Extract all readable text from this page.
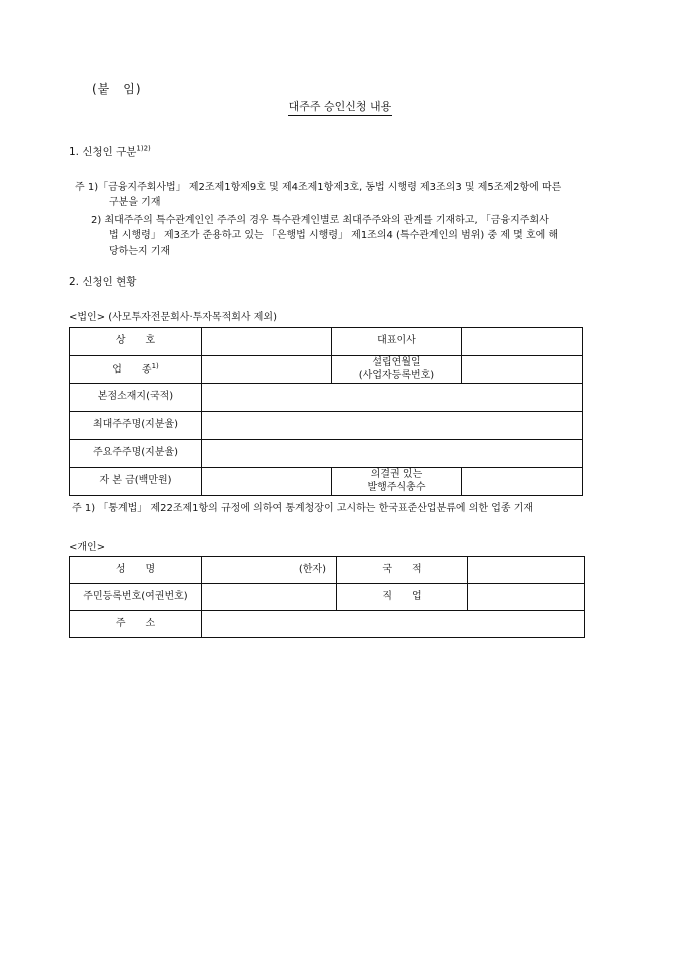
(붙　임)
대주주 승인신청 내용
1. 신청인 구분$^{1)2)}$
주 1)「금융지주회사법」 제2조제1항제9호 및 제4조제1항제3호, 동법 시행령 제3조의3 및 제5조제2항에 따른
구분을 기재
2) 최대주주의 특수관계인인 주주의 경우 특수관계인별로 최대주주와의 관계를 기재하고, 「금융지주회사
법 시행령」 제3조가 준용하고 있는 「은행법 시행령」 제1조의4 (특수관계인의 범위) 중 제 몇 호에 해
당하는지 기재
2. 신청인 현황
<법인> (사모투자전문회사·투자목적회사 제외)
상　　호		대표이사	
업　　종$^{1)}$		설립연월일
(사업자등록번호)	

본점소재지(국적)			
최대주주명(지분율)			
주요주주명(지분율)			
자 본 금(백만원)		의결권 있는
발행주식총수	

주 1) 「통계법」 제22조제1항의 규정에 의하여 통계청장이 고시하는 한국표준산업분류에 의한 업종 기재
<개인>
성　　명	(한자)	국　　적	
주민등록번호(여권번호)		직　　업	
주　　소			
